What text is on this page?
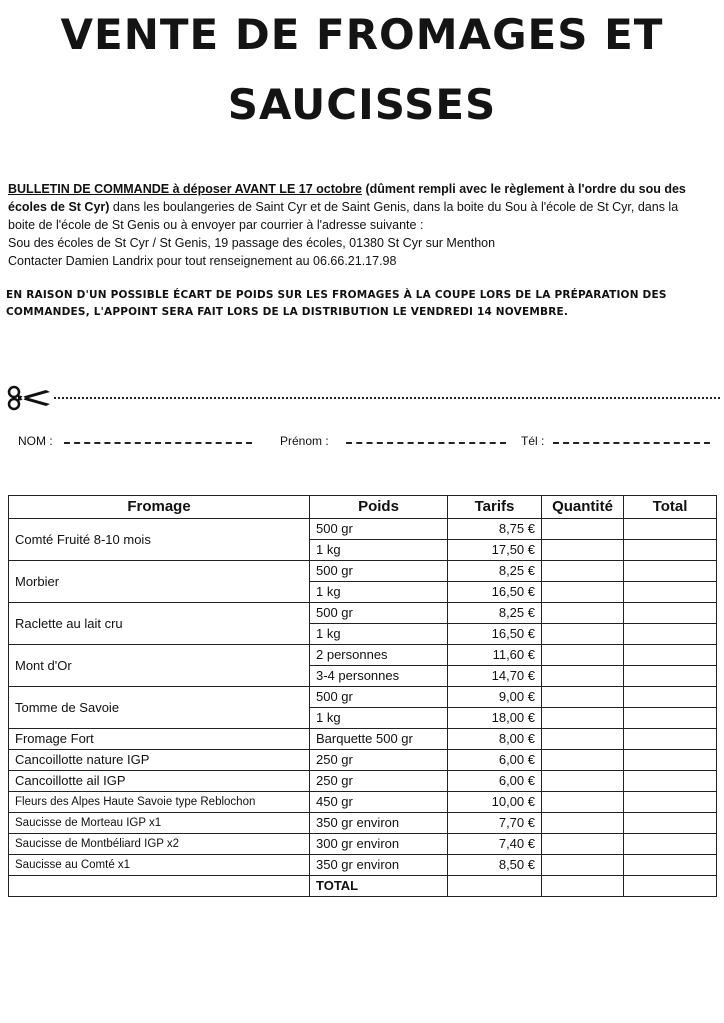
VENTE DE FROMAGES ET
SAUCISSES
BULLETIN DE COMMANDE à déposer AVANT LE 17 octobre (dûment rempli avec le règlement à l'ordre du sou des écoles de St Cyr) dans les boulangeries de Saint Cyr et de Saint Genis, dans la boite du Sou à l'école de St Cyr, dans la boite de l'école de St Genis ou à envoyer par courrier à l'adresse suivante :
Sou des écoles de St Cyr / St Genis, 19 passage des écoles, 01380 St Cyr sur Menthon
Contacter Damien Landrix pour tout renseignement au 06.66.21.17.98
EN RAISON D'UN POSSIBLE ÉCART DE POIDS SUR LES FROMAGES À LA COUPE LORS DE LA PRÉPARATION DES COMMANDES, L'APPOINT SERA FAIT LORS DE LA DISTRIBUTION LE VENDREDI 14 NOVEMBRE.
NOM :	Prénom :	Tél :
Fromage	Poids	Tarifs	Quantité	Total
Comté Fruité 8-10 mois	500 gr	8,75 €		
	1 kg	17,50 €		
Morbier	500 gr	8,25 €		
	1 kg	16,50 €		
Raclette au lait cru	500 gr	8,25 €		
	1 kg	16,50 €		
Mont d'Or	2 personnes	11,60 €		
	3-4 personnes	14,70 €		
Tomme de Savoie	500 gr	9,00 €		
	1 kg	18,00 €		
Fromage Fort	Barquette 500 gr	8,00 €		
Cancoillotte nature IGP	250 gr	6,00 €		
Cancoillotte ail IGP	250 gr	6,00 €		
Fleurs des Alpes Haute Savoie type Reblochon	450 gr	10,00 €		
Saucisse de Morteau IGP x1	350 gr environ	7,70 €		
Saucisse de Montbéliard IGP x2	300 gr environ	7,40 €		
Saucisse au Comté x1	350 gr environ	8,50 €		
	TOTAL			
